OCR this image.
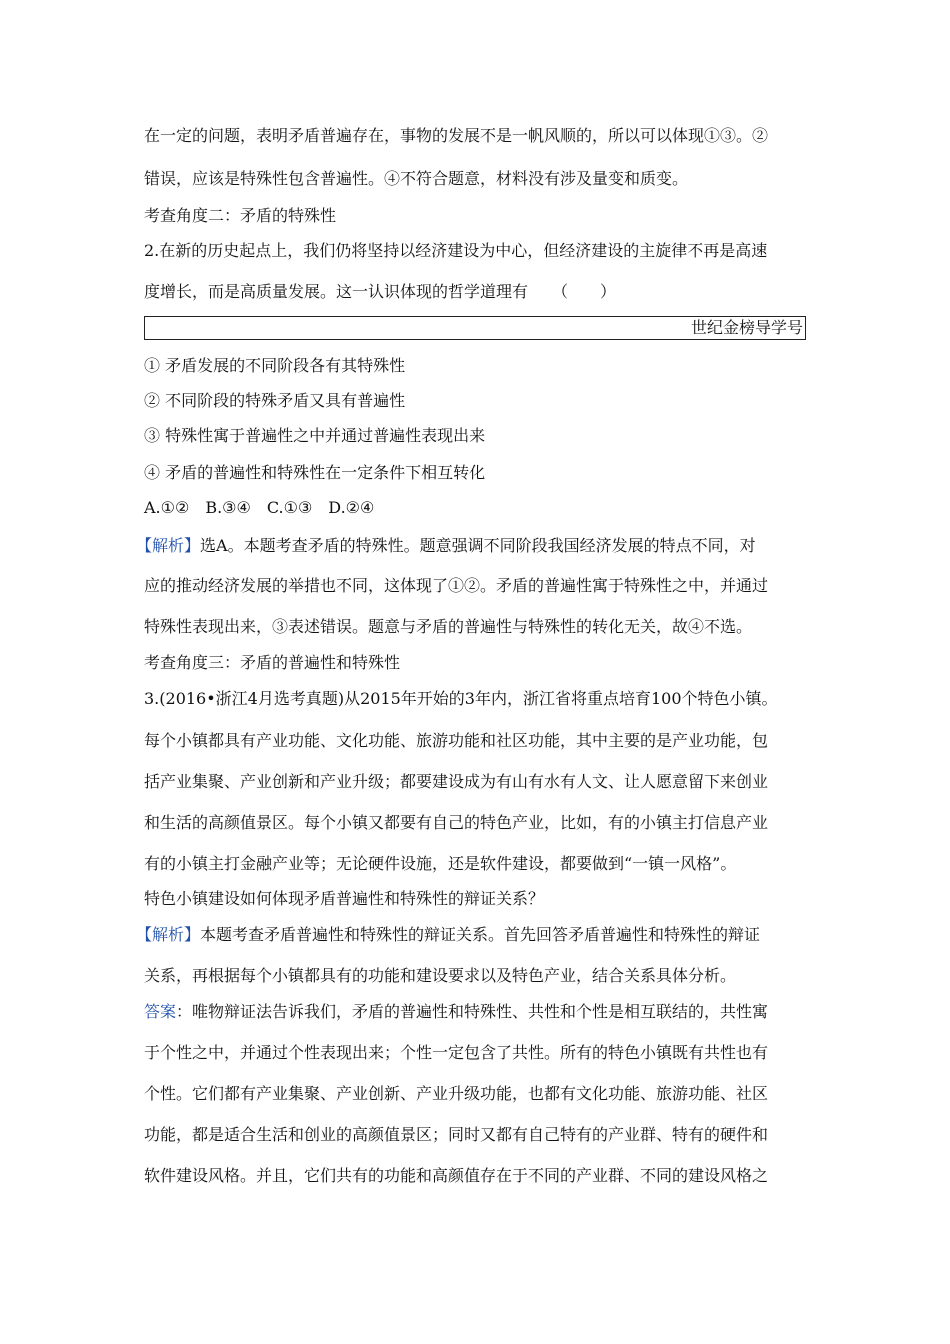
在一定的问题，表明矛盾普遍存在，事物的发展不是一帆风顺的，所以可以体现①③。②
错误，应该是特殊性包含普遍性。④不符合题意，材料没有涉及量变和质变。
考查角度二：矛盾的特殊性
2.在新的历史起点上，我们仍将坚持以经济建设为中心，但经济建设的主旋律不再是高速
度增长，而是高质量发展。这一认识体现的哲学道理有　　（　　）
世纪金榜导学号
① 矛盾发展的不同阶段各有其特殊性
② 不同阶段的特殊矛盾又具有普遍性
③ 特殊性寓于普遍性之中并通过普遍性表现出来
④ 矛盾的普遍性和特殊性在一定条件下相互转化
A.①②　B.③④　C.①③　D.②④
【解析】选A。本题考查矛盾的特殊性。题意强调不同阶段我国经济发展的特点不同，对
应的推动经济发展的举措也不同，这体现了①②。矛盾的普遍性寓于特殊性之中，并通过
特殊性表现出来，③表述错误。题意与矛盾的普遍性与特殊性的转化无关，故④不选。
考查角度三：矛盾的普遍性和特殊性
3.(2016•浙江4月选考真题)从2015年开始的3年内，浙江省将重点培育100个特色小镇。
每个小镇都具有产业功能、文化功能、旅游功能和社区功能，其中主要的是产业功能，包
括产业集聚、产业创新和产业升级；都要建设成为有山有水有人文、让人愿意留下来创业
和生活的高颜值景区。每个小镇又都要有自己的特色产业，比如，有的小镇主打信息产业
有的小镇主打金融产业等；无论硬件设施，还是软件建设，都要做到“一镇一风格”。
特色小镇建设如何体现矛盾普遍性和特殊性的辩证关系？
【解析】本题考查矛盾普遍性和特殊性的辩证关系。首先回答矛盾普遍性和特殊性的辩证
关系，再根据每个小镇都具有的功能和建设要求以及特色产业，结合关系具体分析。
答案：唯物辩证法告诉我们，矛盾的普遍性和特殊性、共性和个性是相互联结的，共性寓
于个性之中，并通过个性表现出来；个性一定包含了共性。所有的特色小镇既有共性也有
个性。它们都有产业集聚、产业创新、产业升级功能，也都有文化功能、旅游功能、社区
功能，都是适合生活和创业的高颜值景区；同时又都有自己特有的产业群、特有的硬件和
软件建设风格。并且，它们共有的功能和高颜值存在于不同的产业群、不同的建设风格之
